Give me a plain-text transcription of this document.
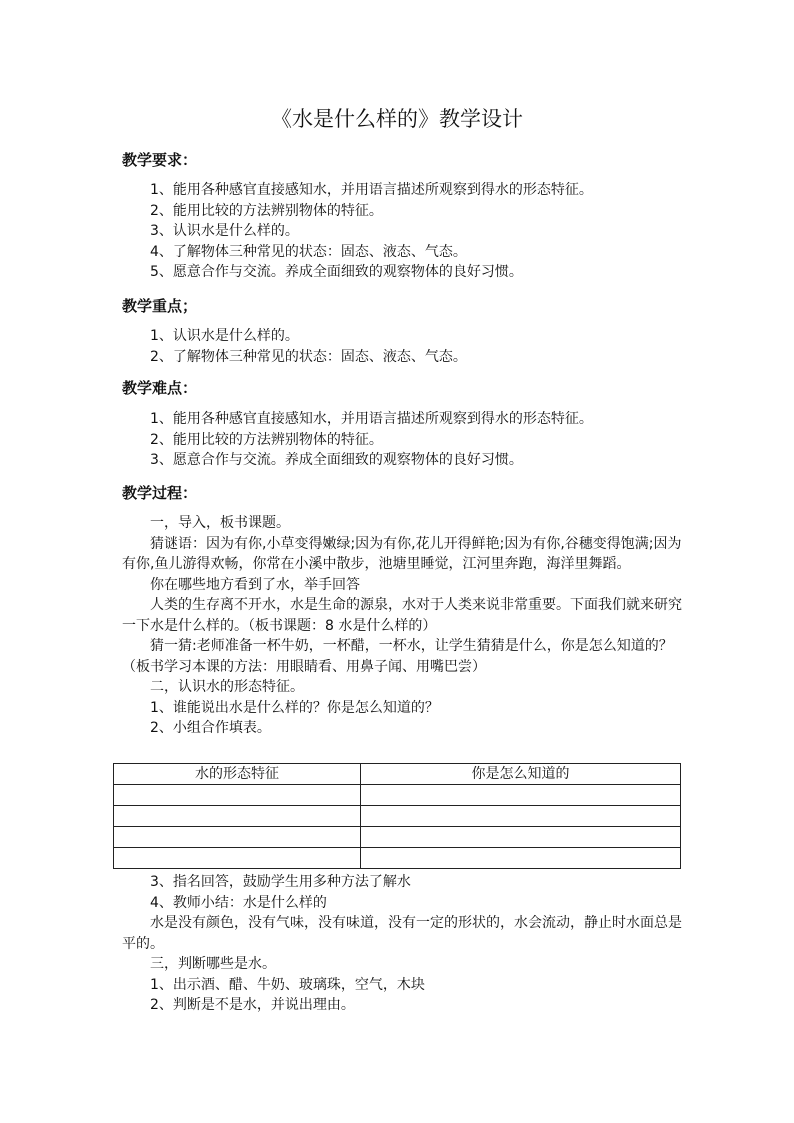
《水是什么样的》教学设计
教学要求：
1、能用各种感官直接感知水，并用语言描述所观察到得水的形态特征。
2、能用比较的方法辨别物体的特征。
3、认识水是什么样的。
4、了解物体三种常见的状态：固态、液态、气态。
5、愿意合作与交流。养成全面细致的观察物体的良好习惯。
教学重点；
1、认识水是什么样的。
2、了解物体三种常见的状态：固态、液态、气态。
教学难点：
1、能用各种感官直接感知水，并用语言描述所观察到得水的形态特征。
2、能用比较的方法辨别物体的特征。
3、愿意合作与交流。养成全面细致的观察物体的良好习惯。
教学过程：
一，导入，板书课题。
猜谜语：因为有你,小草变得嫩绿;因为有你,花儿开得鲜艳;因为有你,谷穗变得饱满;因为有你,鱼儿游得欢畅，你常在小溪中散步，池塘里睡觉，江河里奔跑，海洋里舞蹈。
你在哪些地方看到了水，举手回答
人类的生存离不开水，水是生命的源泉，水对于人类来说非常重要。下面我们就来研究一下水是什么样的。（板书课题：8 水是什么样的）
猜一猜:老师准备一杯牛奶，一杯醋，一杯水，让学生猜猜是什么，你是怎么知道的？（板书学习本课的方法：用眼睛看、用鼻子闻、用嘴巴尝）
二，认识水的形态特征。
1、谁能说出水是什么样的？你是怎么知道的？
2、小组合作填表。
水的形态特征	你是怎么知道的

3、指名回答，鼓励学生用多种方法了解水
4、教师小结：水是什么样的
水是没有颜色，没有气味，没有味道，没有一定的形状的，水会流动，静止时水面总是平的。
三，判断哪些是水。
1、出示酒、醋、牛奶、玻璃珠，空气，木块
2、判断是不是水，并说出理由。
